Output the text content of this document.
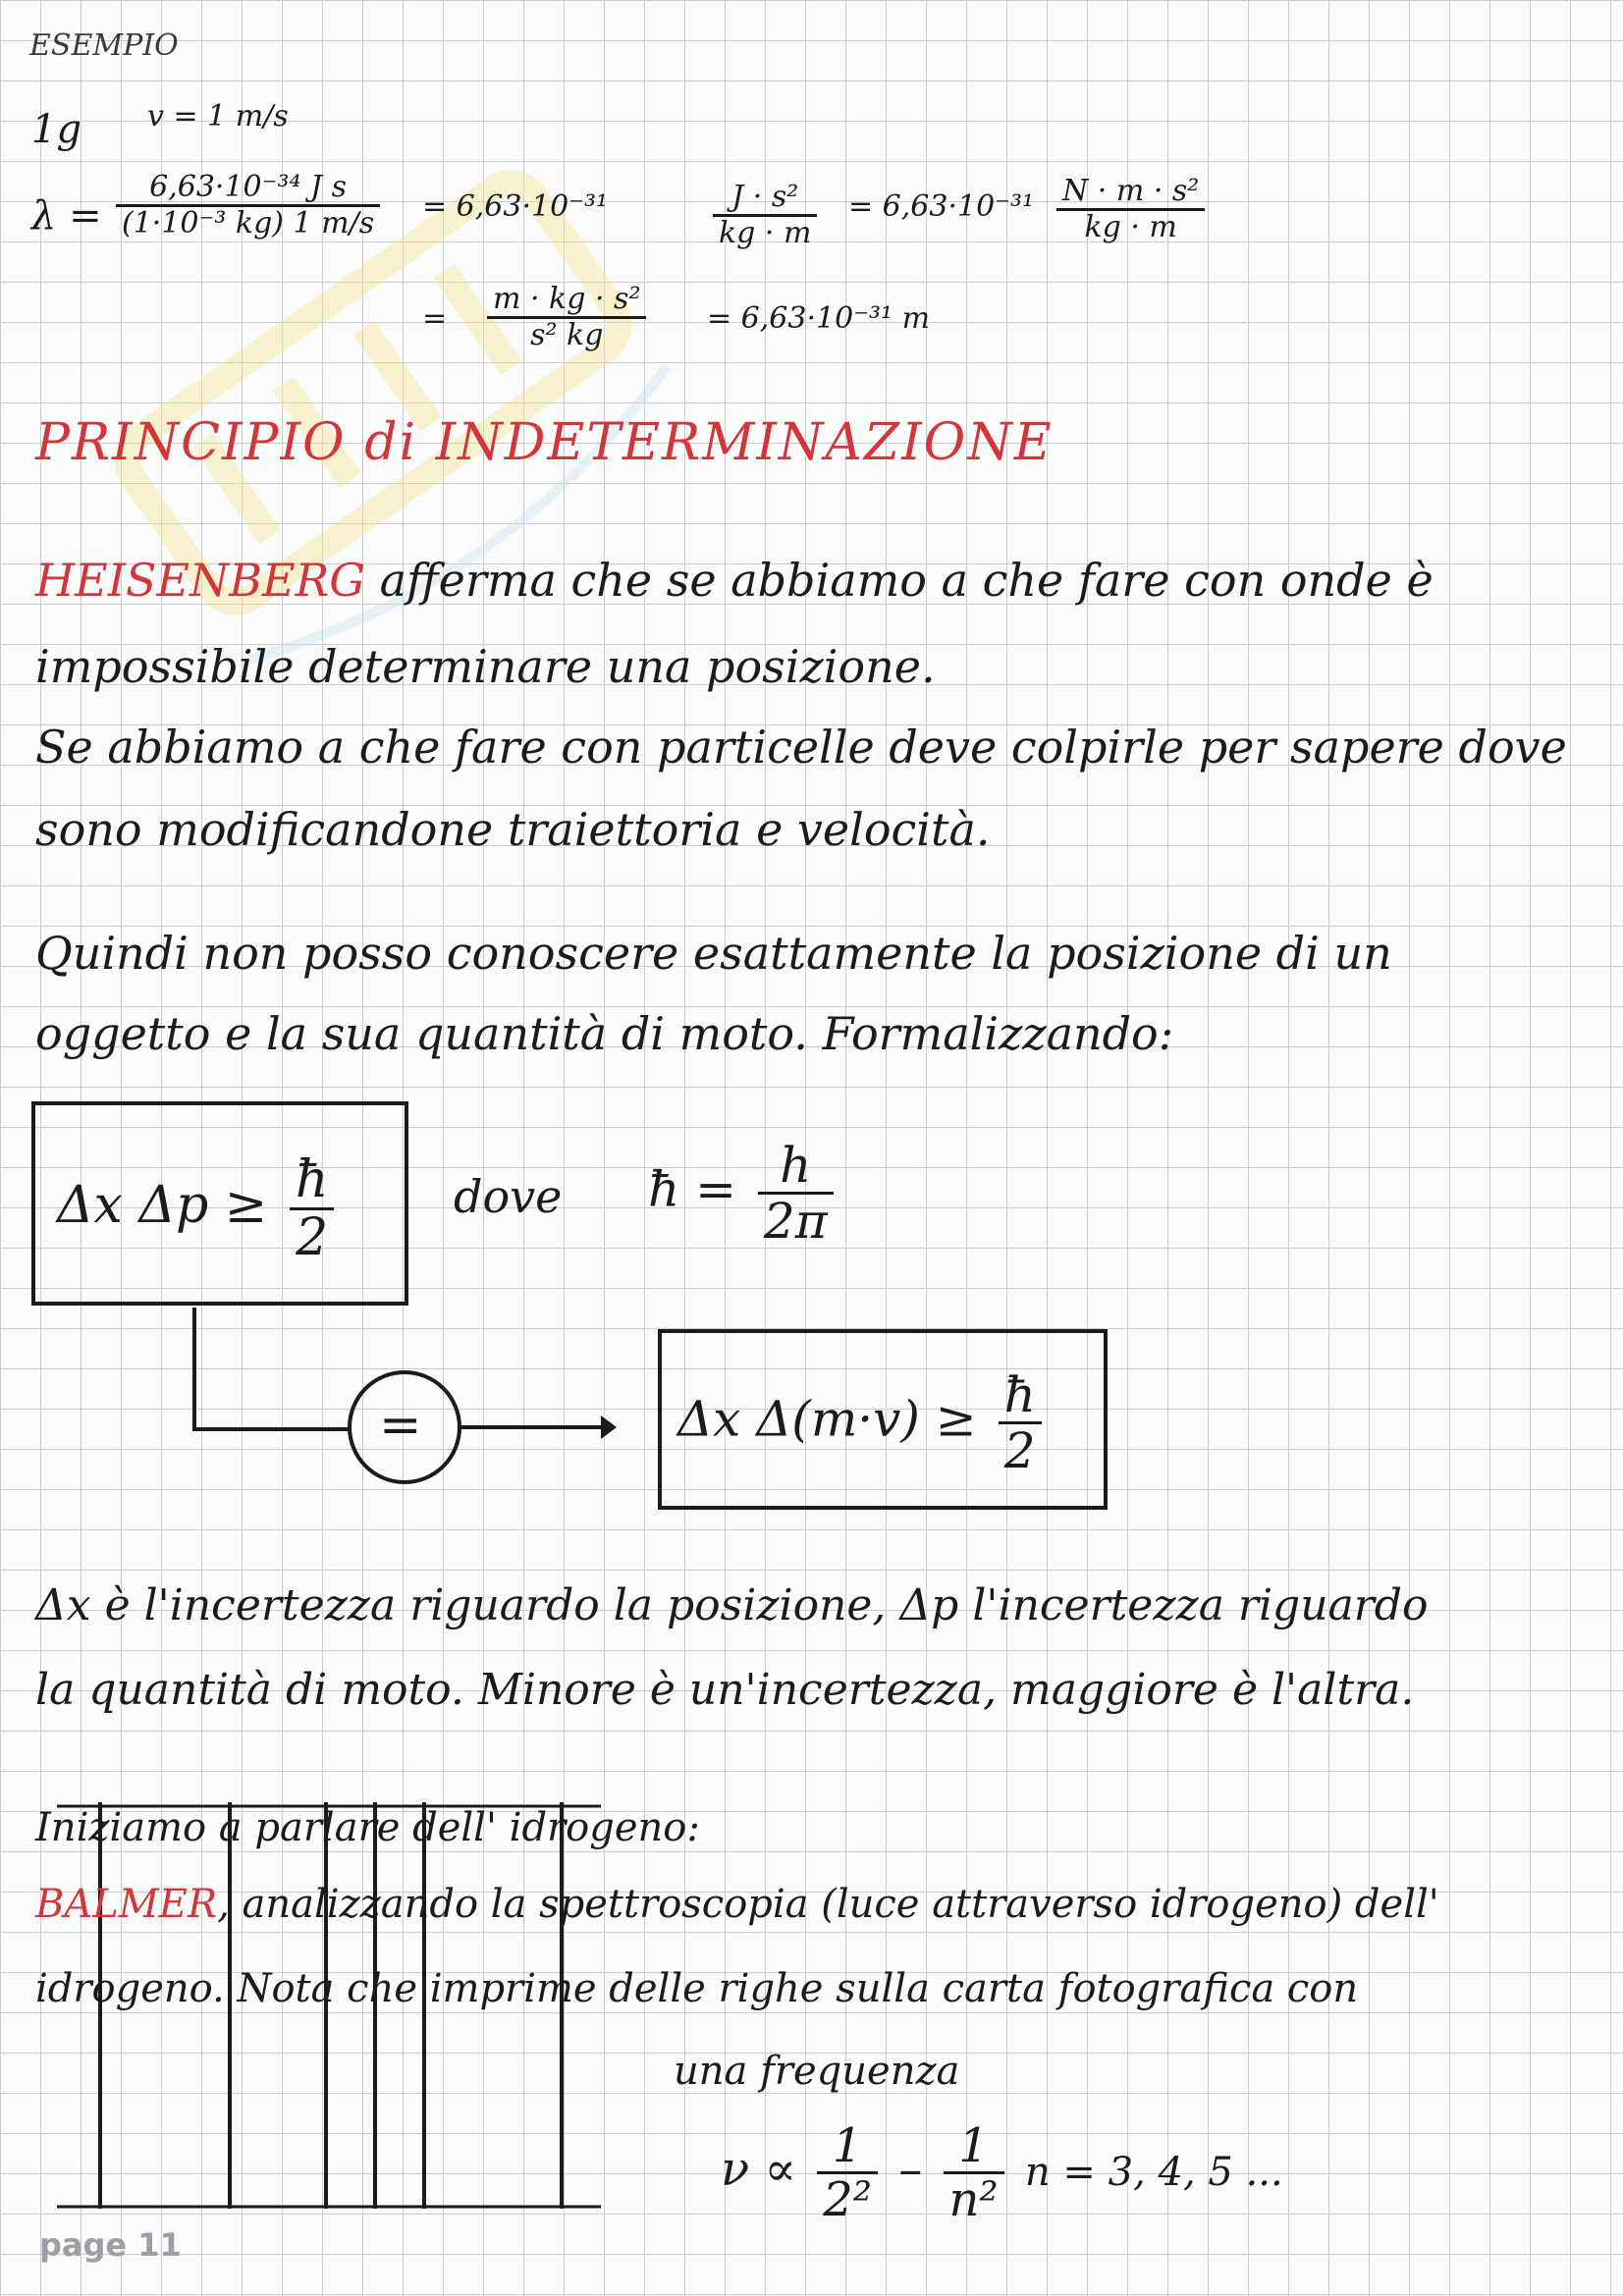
ESEMPIO
1g v = 1 m/s
$\lambda = \frac{\text{6,63·10⁻³⁴ J s}}{\text{(1·10⁻³ kg) 1 m/s}} = 6,63\cdot 10^{-31}$	$\frac{\text{J · s²}}{kg \cdot m} = 6,63\cdot 10^{-31} \frac{\text{N · m · s²}}{kg \cdot m}$
= $\frac{\text{m · kg · s²}}{\text{s² kg}} = 6,63\cdot 10^{-31}$ m
PRINCIPIO di INDETERMINAZIONE
HEISENBERG afferma che se abbiamo a che fare con onde è
impossibile determinare una posizione.
Se abbiamo a che fare con particelle deve colpirle per sapere dove
sono modificandone traiettoria e velocità.
Quindi non posso conoscere esattamente la posizione di un
oggetto e la sua quantità di moto. Formalizzando:
Δx $\Delta p \ge \frac{ħ}{2}$	dove ħ = $\frac{h}{2\pi}$
=	Δx $\Delta(m\cdot v) \ge \frac{ħ}{2}$
Δx è l'incertezza riguardo la posizione, Δp l'incertezza riguardo
la quantità di moto. Minore è un'incertezza, maggiore è l'altra.
Iniziamo a parlare dell' idrogeno:
BALMER, analizzando la spettroscopia (luce attraverso idrogeno) dell'
idrogeno. Nota che imprime delle righe sulla carta fotografica con
una frequenza
$\nu \propto \frac{1}{\text{2²}} - \frac{1}{\text{n²}}$ n = 3, 4, 5 ...
page 11
